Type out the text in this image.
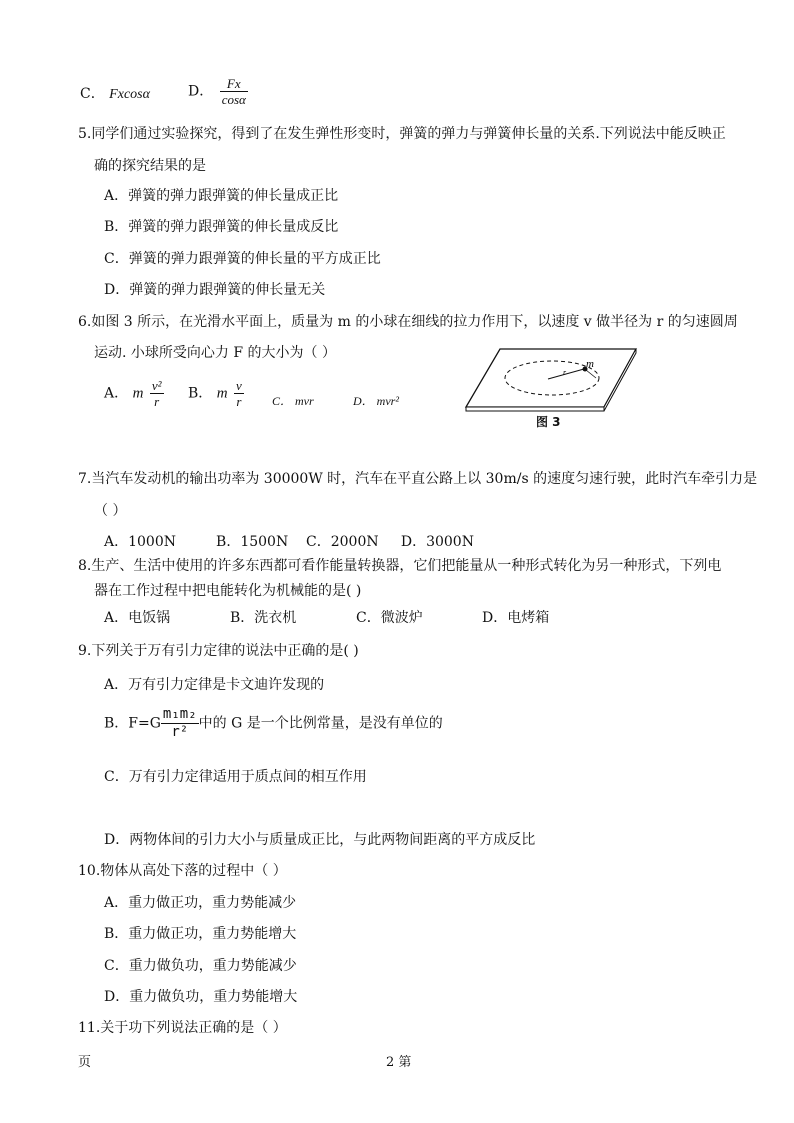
C． Fxcosα	D． $\frac{Fx}{\cos\alpha}$
5.同学们通过实验探究，得到了在发生弹性形变时，弹簧的弹力与弹簧伸长量的关系.下列说法中能反映正
确的探究结果的是
A．弹簧的弹力跟弹簧的伸长量成正比
B．弹簧的弹力跟弹簧的伸长量成反比
C．弹簧的弹力跟弹簧的伸长量的平方成正比
D．弹簧的弹力跟弹簧的伸长量无关
6.如图 3 所示，在光滑水平面上，质量为 m 的小球在细线的拉力作用下，以速度 v 做半径为 r 的匀速圆周
运动. 小球所受向心力 F 的大小为（ ）
A． m $\frac{\text{v²}}{r}$ B． m $\frac{v}{r}$ C． mvr	D． mvr²
m
r
图 3
7.当汽车发动机的输出功率为 30000W 时，汽车在平直公路上以 30m/s 的速度匀速行驶，此时汽车牵引力是
（ ）
A．1000N         B．1500N    C．2000N     D．3000N
8.生产、生活中使用的许多东西都可看作能量转换器，它们把能量从一种形式转化为另一种形式，下列电
器在工作过程中把电能转化为机械能的是( )
A．电饭锅	B．洗衣机	C．微波炉	D．电烤箱
9.下列关于万有引力定律的说法中正确的是( )
A．万有引力定律是卡文迪许发现的
B．$F=G \frac{\text{m₁m₂}}{\text{r²}}$ 中的 G 是一个比例常量，是没有单位的
C．万有引力定律适用于质点间的相互作用
D．两物体间的引力大小与质量成正比，与此两物间距离的平方成反比
10.物体从高处下落的过程中（ ）
A．重力做正功，重力势能减少
B．重力做正功，重力势能增大
C．重力做负功，重力势能减少
D．重力做负功，重力势能增大
11.关于功下列说法正确的是（ ）
页	2 第
